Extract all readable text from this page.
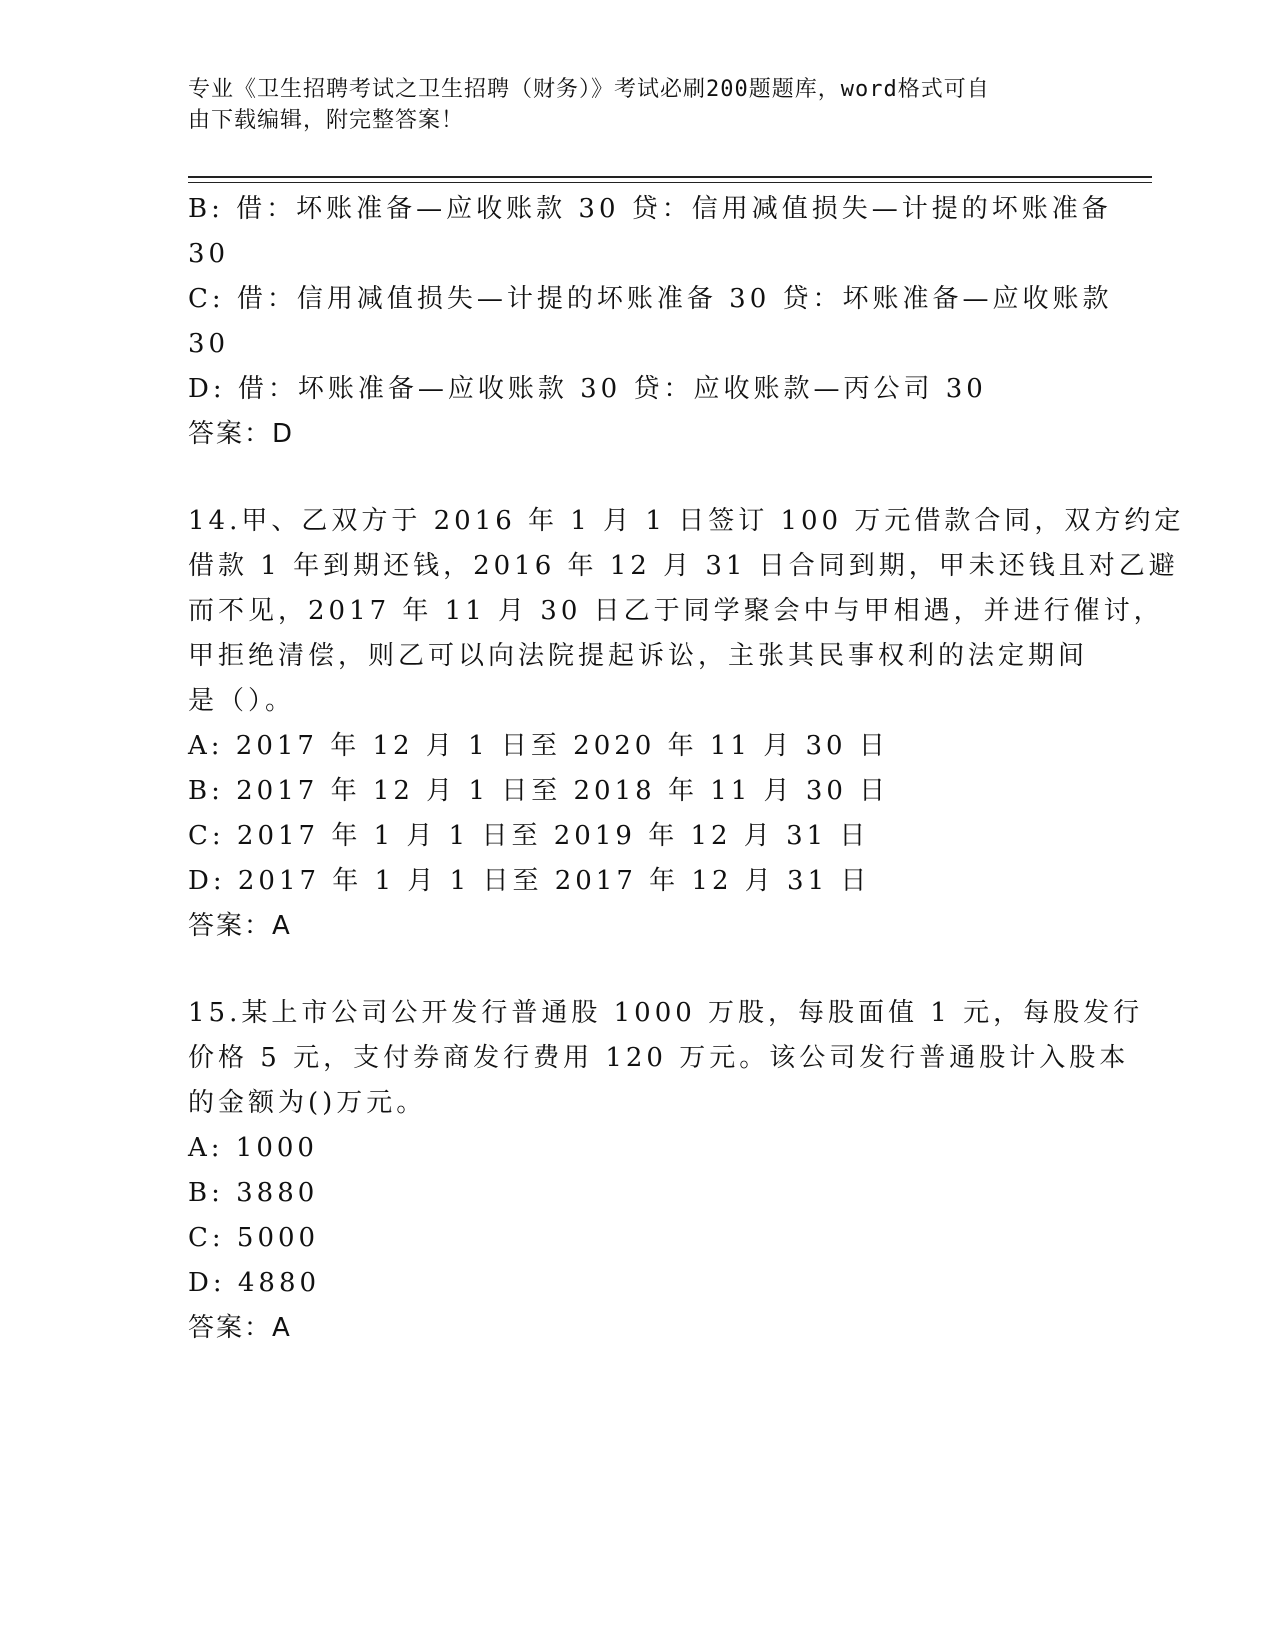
专业《卫生招聘考试之卫生招聘（财务）》考试必刷200题题库，word格式可自
由下载编辑，附完整答案！
B: 借：坏账准备—应收账款 30 贷：信用减值损失—计提的坏账准备
30
C: 借：信用减值损失—计提的坏账准备 30 贷：坏账准备—应收账款
30
D: 借：坏账准备—应收账款 30 贷：应收账款—丙公司 30
答案：D
14.甲、乙双方于 2016 年 1 月 1 日签订 100 万元借款合同，双方约定
借款 1 年到期还钱，2016 年 12 月 31 日合同到期，甲未还钱且对乙避
而不见，2017 年 11 月 30 日乙于同学聚会中与甲相遇，并进行催讨，
甲拒绝清偿，则乙可以向法院提起诉讼，主张其民事权利的法定期间
是（）。
A: 2017 年 12 月 1 日至 2020 年 11 月 30 日
B: 2017 年 12 月 1 日至 2018 年 11 月 30 日
C: 2017 年 1 月 1 日至 2019 年 12 月 31 日
D: 2017 年 1 月 1 日至 2017 年 12 月 31 日
答案：A
15.某上市公司公开发行普通股 1000 万股，每股面值 1 元，每股发行
价格 5 元，支付券商发行费用 120 万元。该公司发行普通股计入股本
的金额为()万元。
A: 1000
B: 3880
C: 5000
D: 4880
答案：A
